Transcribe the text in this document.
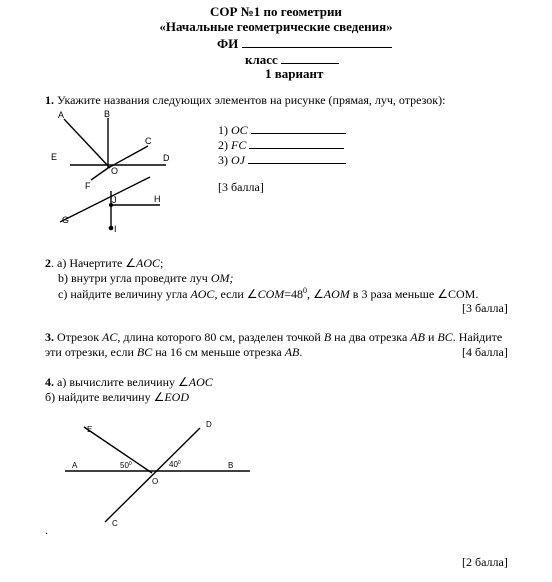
СОР №1 по геометрии
«Начальные геометрические сведения»
ФИ
класс
1 вариант
1. Укажите названия следующих элементов на рисунке (прямая, луч, отрезок):
A	B
C
D
E
O
F
J	H
G
I
1) OC
2) FC
3) OJ
[3 балла]
2. а) Начертите ∠AOC;
b) внутри угла проведите луч OM;
с) найдите величину угла AOC, если $\angle COM=48^0$, ∠AOM в 3 раза меньше ∠COM.
[3 балла]
3. Отрезок AC, длина которого 80 см, разделен точкой B на два отрезка AB и BC. Найдите
эти отрезки, если BC на 16 см меньше отрезка AB.	[4 балла]
4. а) вычислите величину ∠AOC
б) найдите величину ∠EOD
E
D
A	B
O
C
$50^0$	$40^0$
.
[2 балла]
